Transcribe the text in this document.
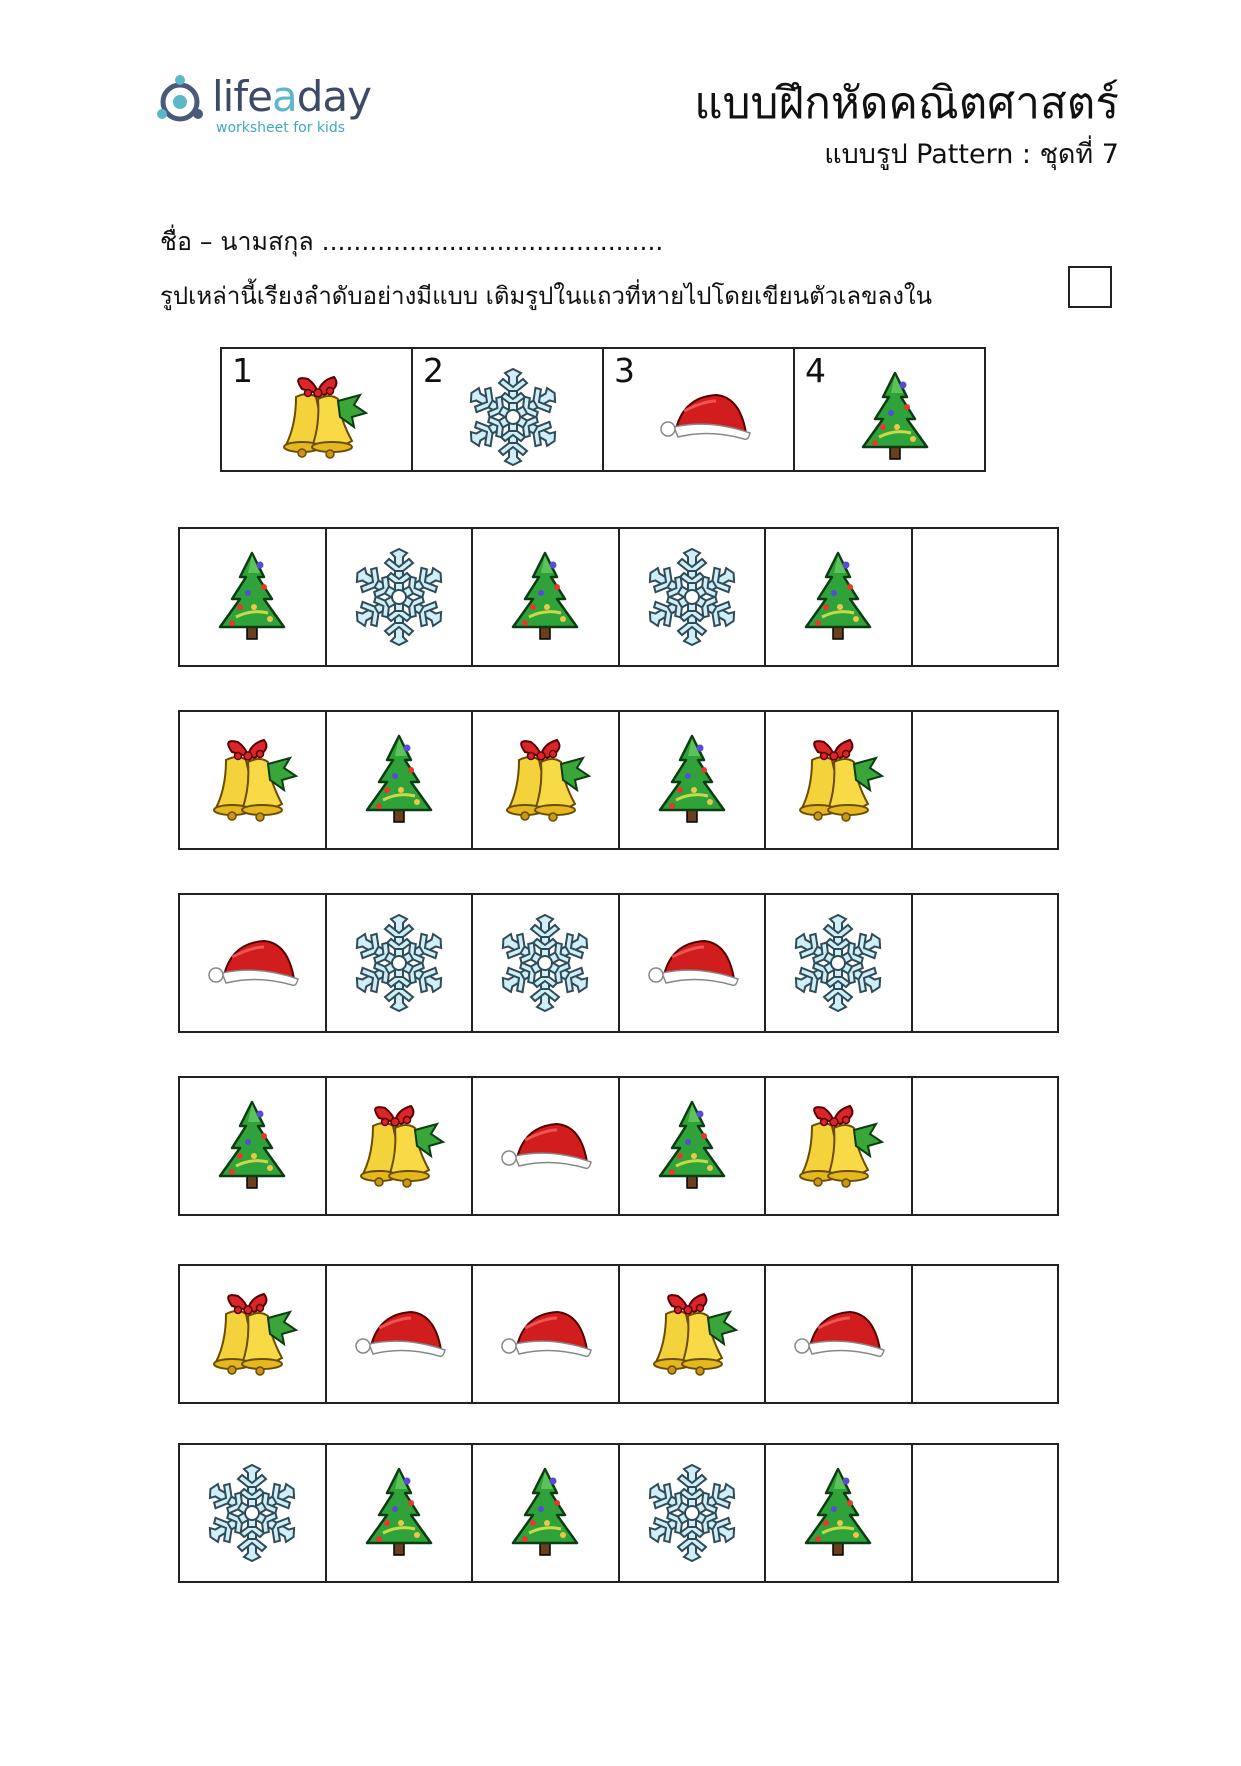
lifeaday
worksheet for kids	แบบฝึกหัดคณิตศาสตร์
แบบรูป Pattern : ชุดที่ 7
ชื่อ – นามสกุล ...........................................
รูปเหล่านี้เรียงลำดับอย่างมีแบบ เติมรูปในแถวที่หายไปโดยเขียนตัวเลขลงใน
1	2	3	4
